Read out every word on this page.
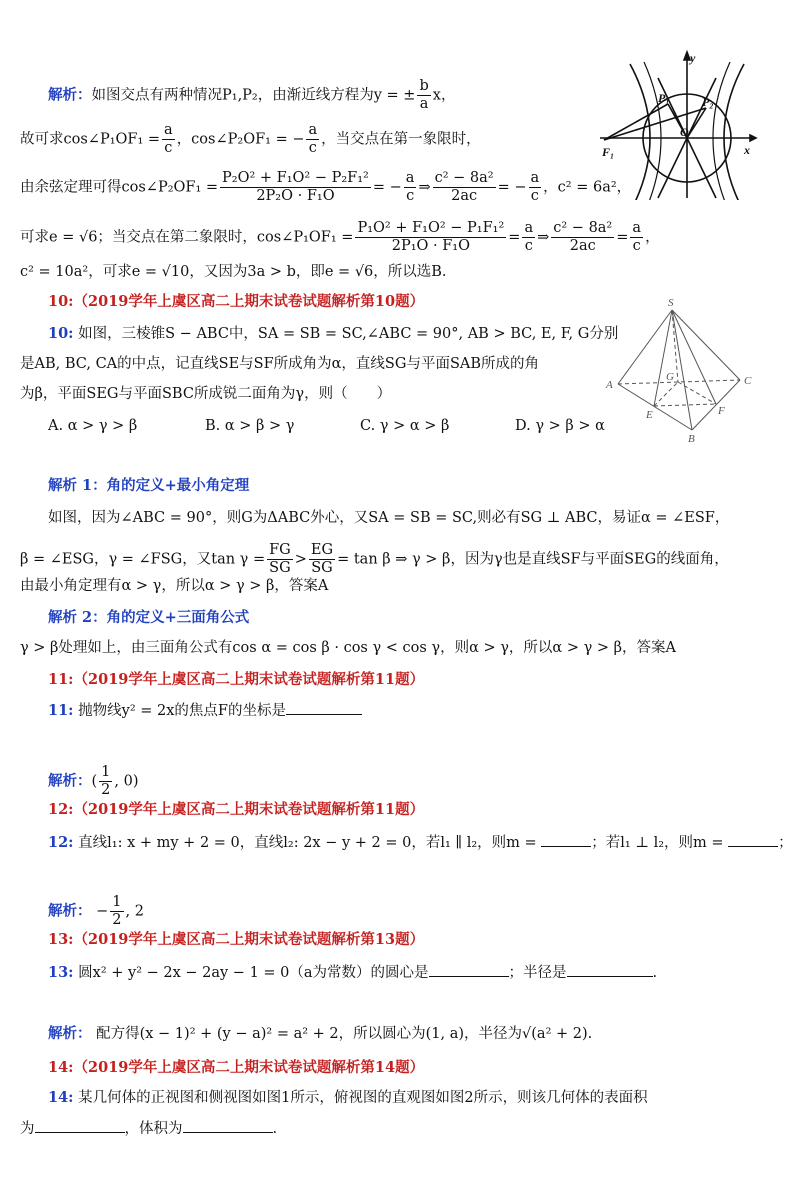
解析：如图交点有两种情况P₁,P₂，由渐近线方程为y = ± $\frac{b}{a}$ x，
故可求cos∠P₁OF₁ = $\frac{a}{c}$ ，cos∠P₂OF₁ = − $\frac{a}{c}$ ，当交点在第一象限时，
由余弦定理可得cos∠P₂OF₁ = $\frac{\text{P₂O² + F₁O² − P₂F₁²}}{\text{2P₂O · F₁O}}$ = − $\frac{a}{c}$ ⇒ $\frac{\text{c² − 8a²}}{2ac}$ = − $\frac{a}{c}$ ，c² = 6a²，
可求e = √6；当交点在第二象限时，cos∠P₁OF₁ = $\frac{\text{P₁O² + F₁O² − P₁F₁²}}{\text{2P₁O · F₁O}} = \frac{a}{c}$ ⇒ $\frac{\text{c² − 8a²}}{2ac} = \frac{a}{c}$ ，
c² = 10a²，可求e = √10，又因为3a > b，即e = √6，所以选B.
y
x
P₁	P₂
O
F₁
10:（2019学年上虞区高二上期末试卷试题解析第10题）
10: 如图，三棱锥S − ABC中，SA = SB = SC,∠ABC = 90°, AB > BC, E, F, G分别
是AB, BC, CA的中点，记直线SE与SF所成角为α，直线SG与平面SAB所成的角
为β，平面SEG与平面SBC所成锐二面角为γ，则（　　）
A. α > γ > β	B. α > β > γ	C. γ > α > β	D. γ > β > α
S
A
B
C
E	F
G
解析 1：角的定义+最小角定理
如图，因为∠ABC = 90°，则G为ΔABC外心，又SA = SB = SC,则必有SG ⊥ ABC，易证α = ∠ESF，
β = ∠ESG，γ = ∠FSG，又$\tan \gamma = \frac{FG}{SG} > \frac{EG}{SG} = \tan \beta$ ⇒ γ > β，因为γ也是直线SF与平面SEG的线面角，
由最小角定理有α > γ，所以α > γ > β，答案A
解析 2：角的定义+三面角公式
γ > β处理如上，由三面角公式有cos α = cos β · cos γ < cos γ，则α > γ，所以α > γ > β，答案A
11:（2019学年上虞区高二上期末试卷试题解析第11题）
11: 抛物线y² = 2x的焦点F的坐标是
解析：( $\frac{1}{2}$ , 0)
12:（2019学年上虞区高二上期末试卷试题解析第11题）
12: 直线l₁: x + my + 2 = 0，直线l₂: 2x − y + 2 = 0，若l₁ ∥ l₂，则m =	；若l₁ ⊥ l₂，则m =	；
解析： − $\frac{1}{2}$ , 2
13:（2019学年上虞区高二上期末试卷试题解析第13题）
13: 圆x² + y² − 2x − 2ay − 1 = 0（a为常数）的圆心是	；半径是	.
解析： 配方得(x − 1)² + (y − a)² = a² + 2，所以圆心为(1, a)，半径为√(a² + 2).
14:（2019学年上虞区高二上期末试卷试题解析第14题）
14: 某几何体的正视图和侧视图如图1所示，俯视图的直观图如图2所示，则该几何体的表面积
为	，体积为	.
